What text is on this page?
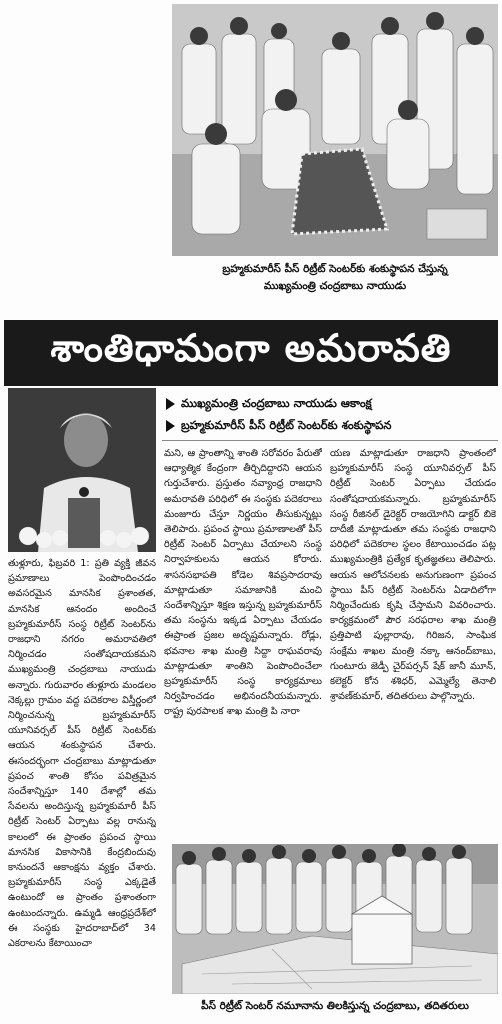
బ్రహ్మకుమారీస్ పీస్ రిట్రీట్ సెంటర్‌కు శంకుస్థాపన చేస్తున్న
ముఖ్యమంత్రి చంద్రబాబు నాయుడు
శాంతిధామంగా అమరావతి
ముఖ్యమంత్రి చంద్రబాబు నాయుడు ఆకాంక్ష
బ్రహ్మకుమారీస్ పీస్ రిట్రీట్ సెంటర్‌కు శంకుస్థాపన

తుళ్లూరు, ఫిబ్రవరి 1: ప్రతి వ్యక్తి జీవన ప్రమాణాలు పెంపొందించడం అవసరమైన మానసిక ప్రశాంతత, మానసిక ఆనందం అందించే బ్రహ్మకుమారీస్ సంస్థ రిట్రీట్ సెంటర్‌ను రాజధాని నగరం అమరావతిలో నిర్మించడం సంతోషదాయకమని ముఖ్యమంత్రి చంద్రబాబు నాయుడు అన్నారు. గురువారం తుళ్లూరు మండలం నెక్కల్లు గ్రామం వద్ద పదెకరాల విస్తీర్ణంలో నిర్మించనున్న బ్రహ్మకుమారీస్ యూనివర్సల్ పీస్ రిట్రీట్ సెంటర్‌కు ఆయన శంకుస్థాపన చేశారు. ఈసందర్భంగా చంద్రబాబు మాట్లాడుతూ ప్రపంచ శాంతి కోసం పవిత్రమైన సందేశాన్నిస్తూ 140 దేశాల్లో తమ సేవలను అందిస్తున్న బ్రహ్మకుమారీ పీస్ రిట్రీట్ సెంటర్ ఏర్పాటు వల్ల రానున్న కాలంలో ఈ ప్రాంతం ప్రపంచ స్థాయి మానసిక వికాసానికి కేంద్రబిందువు కానుందనే ఆకాంక్షను వ్యక్తం చేశారు. బ్రహ్మకుమారీస్ సంస్థ ఎక్కడైతే ఉంటుందో ఆ ప్రాంతం ప్రశాంతంగా ఉంటుందన్నారు. ఉమ్మడి ఆంధ్రప్రదేశ్‌లో ఈ సంస్థకు హైదరాబాద్‌లో 34 ఎకరాలను కేటాయించా

మని, ఆ ప్రాంతాన్ని శాంతి సరోవరం పేరుతో ఆధ్యాత్మిక కేంద్రంగా తీర్చిదిద్దారని ఆయన గుర్తుచేశారు. ప్రస్తుతం నవ్యాంధ్ర రాజధాని అమరావతి పరిధిలో ఈ సంస్థకు పదెకరాలు మంజూరు చేస్తూ నిర్ణయం తీసుకున్నట్లు తెలిపారు. ప్రపంచ స్థాయి ప్రమాణాలతో పీస్ రిట్రీట్ సెంటర్ ఏర్పాటు చేయాలని సంస్థ నిర్వాహకులను ఆయన కోరారు. శాసనసభాపతి కోడెల శివప్రసాదరావు మాట్లాడుతూ సమాజానికి మంచి సందేశాన్నిస్తూ శిక్షణ ఇస్తున్న బ్రహ్మకుమారీస్ తమ సంస్థను ఇక్కడ ఏర్పాటు చేయడం ఈప్రాంత ప్రజల అదృష్టమన్నారు. రోడ్లు, భవనాల శాఖ మంత్రి సిద్దా రాఘవరావు మాట్లాడుతూ శాంతిని పెంపొందించేలా బ్రహ్మకుమారీస్ సంస్థ కార్యక్రమాలు నిర్వహించడం అభినందనీయమన్నారు. రాష్ట్ర పురపాలక శాఖ మంత్రి పి నారా

యణ మాట్లాడుతూ రాజధాని ప్రాంతంలో బ్రహ్మకుమారీస్ సంస్థ యూనివర్సల్ పీస్ రిట్రీట్ సెంటర్ ఏర్పాటు చేయడం సంతోషదాయకమన్నారు. బ్రహ్మకుమారీస్ సంస్థ రీజినల్ డైరెక్టర్ రాజయోగిని డాక్టర్ బికె దాదీజీ మాట్లాడుతూ తమ సంస్థకు రాజధాని పరిధిలో పదెకరాల స్థలం కేటాయించడం పట్ల ముఖ్యమంత్రికి ప్రత్యేక కృతజ్ఞతలు తెలిపారు. ఆయన ఆలోచనలకు అనుగుణంగా ప్రపంచ స్థాయి పీస్ రిట్రీట్ సెంటర్‌ను ఏడాదిలోగా నిర్మించేందుకు కృషి చేస్తామని వివరించారు. కార్యక్రమంలో పౌర సరఫరాల శాఖ మంత్రి ప్రత్తిపాటి పుల్లారావు, గిరిజన, సాంఘిక సంక్షేమ శాఖల మంత్రి నక్కా ఆనంద్‌బాబు, గుంటూరు జెడ్పీ చైర్‌పర్సన్ షేక్ జానీ మూన్, కలెక్టర్ కోన శశిధర్, ఎమ్మెల్యే తెనాలి శ్రావణ్‌కుమార్, తదితరులు పాల్గొన్నారు.

పీస్ రిట్రీట్ సెంటర్ నమూనాను తిలకిస్తున్న చంద్రబాబు, తదితరులు
